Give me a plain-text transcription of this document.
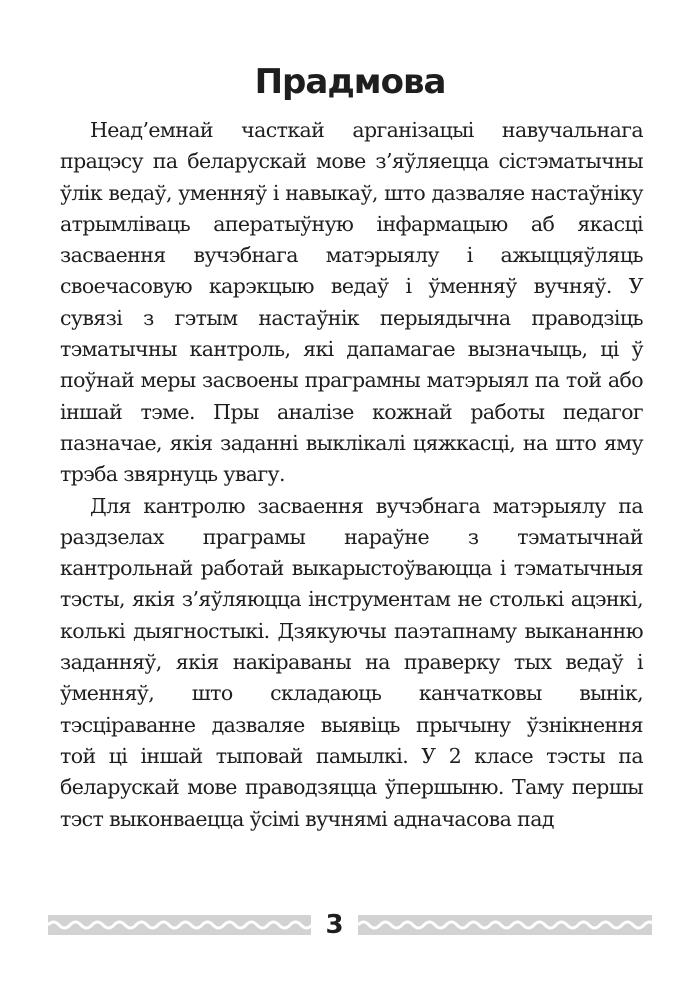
Прадмова

Неад’емнай часткай арганізацыі навучальнага працэсу па беларускай мове з’яўляецца сістэматычны ўлік ведаў, уменняў і навыкаў, што дазваляе настаўніку атрымліваць аператыўную інфармацыю аб якасці засваення вучэбнага матэрыялу і ажыццяўляць своечасовую карэкцыю ведаў і ўменняў вучняў. У сувязі з гэтым настаўнік перыядычна праводзіць тэматычны кантроль, які дапамагае вызначыць, ці ў поўнай меры засвоены праграмны матэрыял па той або іншай тэме. Пры аналізе кожнай работы педагог пазначае, якія заданні выклікалі цяжкасці, на што яму трэба звярнуць увагу.

Для кантролю засваення вучэбнага матэрыялу па раздзелах праграмы нараўне з тэматычнай кантрольнай работай выкарыстоўваюцца і тэматычныя тэсты, якія з’яўляюцца інструментам не столькі ацэнкі, колькі дыягностыкі. Дзякуючы паэтапнаму выкананню заданняў, якія накіраваны на праверку тых ведаў і ўменняў, што складаюць канчатковы вынік, тэсціраванне дазваляе выявіць прычыну ўзнікнення той ці іншай тыповай памылкі. У 2 класе тэсты па беларускай мове праводзяцца ўпершыню. Таму першы тэст выконваецца ўсімі вучнямі адначасова пад

3
